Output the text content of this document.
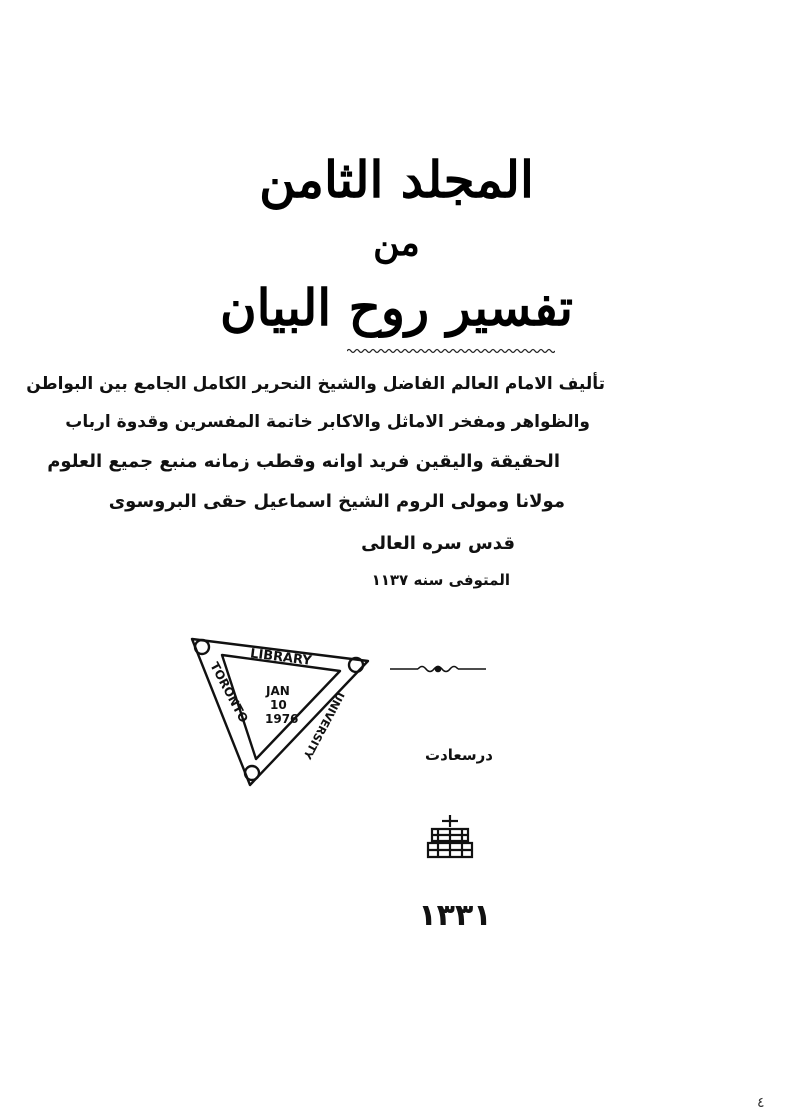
المجلد الثامن
من
تفسير روح البيان
تأليف الامام العالم الفاضل والشيخ النحرير الكامل الجامع بين البواطن
والظواهر ومفخر الاماثل والاكابر خاتمة المفسرين وقدوة ارباب
الحقيقة واليقين فريد اوانه وقطب زمانه منبع جميع العلوم
مولانا ومولى الروم الشيخ اسماعيل حقى البروسوى
قدس سره العالى
المتوفى سنه ١١٣٧
LIBRARY
TORONTO	UNIVERSITY
JAN
10
1976
درسعادت
١٣٣١
٤
